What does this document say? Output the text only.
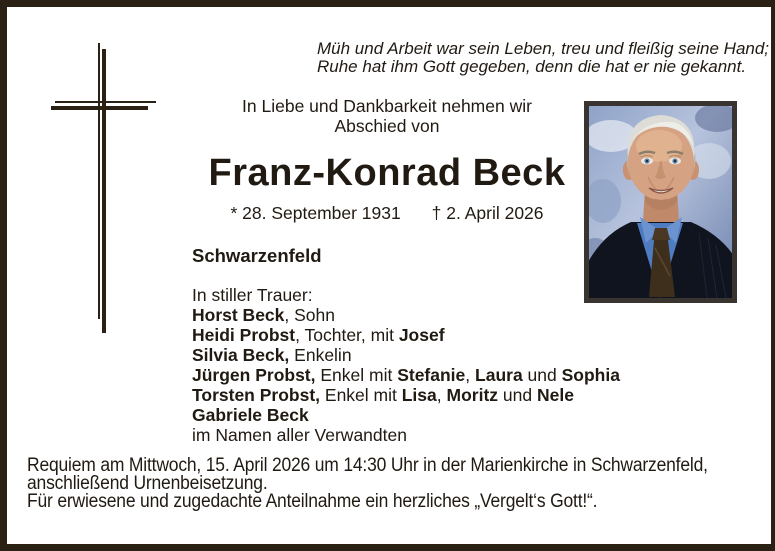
Müh und Arbeit war sein Leben, treu und fleißig seine Hand;
Ruhe hat ihm Gott gegeben, denn die hat er nie gekannt.
In Liebe und Dankbarkeit nehmen wir
Abschied von
Franz-Konrad Beck
* 28. September 1931 † 2. April 2026
Schwarzenfeld
In stiller Trauer:
Horst Beck, Sohn
Heidi Probst, Tochter, mit Josef
Silvia Beck, Enkelin
Jürgen Probst, Enkel mit Stefanie, Laura und Sophia
Torsten Probst, Enkel mit Lisa, Moritz und Nele
Gabriele Beck
im Namen aller Verwandten
Requiem am Mittwoch, 15. April 2026 um 14:30 Uhr in der Marienkirche in Schwarzenfeld,
anschließend Urnenbeisetzung.
Für erwiesene und zugedachte Anteilnahme ein herzliches „Vergelt‘s Gott!“.
